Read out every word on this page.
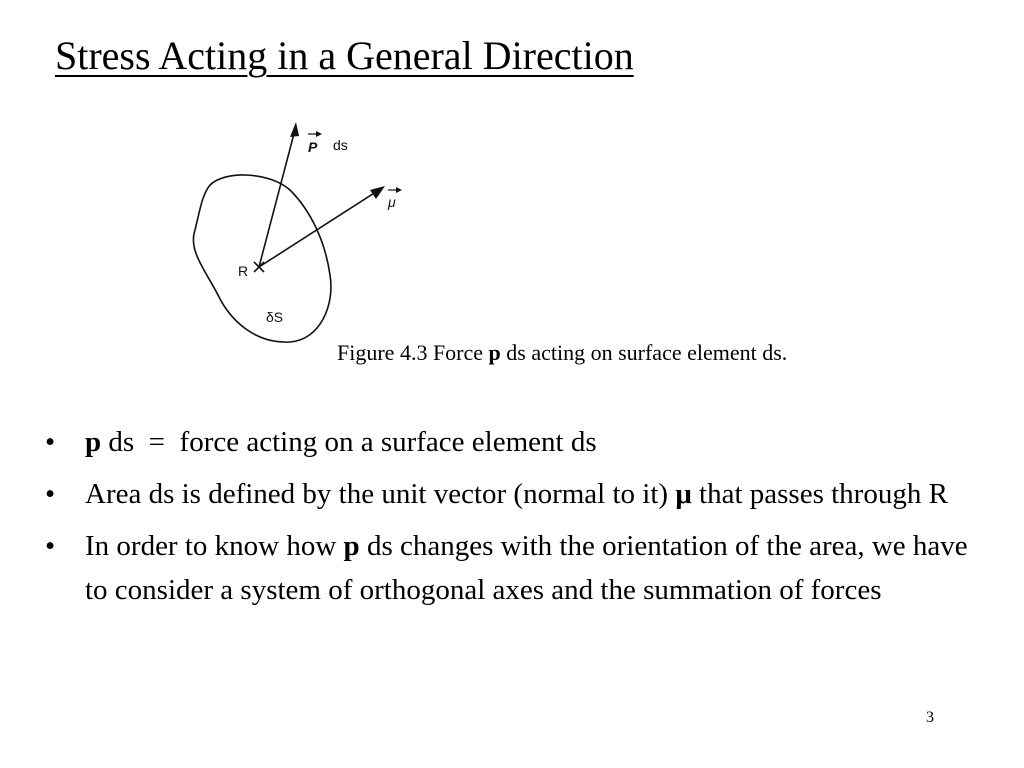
Stress Acting in a General Direction
P ds
μ
R
δS
Figure 4.3 Force p ds acting on surface element ds.
• p ds  =  force acting on a surface element ds
• Area ds is defined by the unit vector (normal to it) μ that passes through R
• In order to know how p ds changes with the orientation of the area, we have to consider a system of orthogonal axes and the summation of forces
3
